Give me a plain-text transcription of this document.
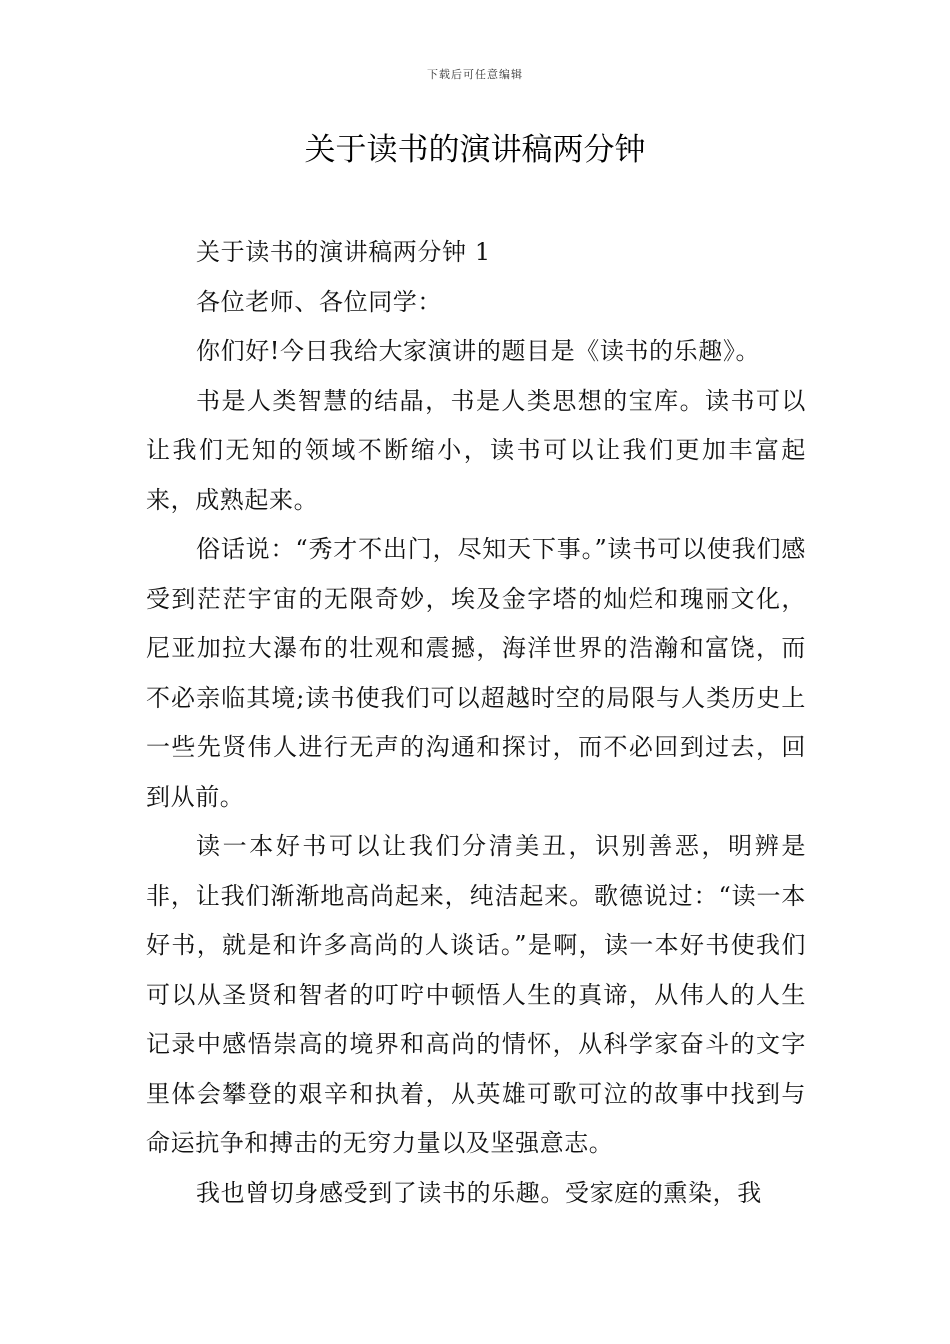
下载后可任意编辑
关于读书的演讲稿两分钟

关于读书的演讲稿两分钟 1

各位老师、各位同学：

你们好!今日我给大家演讲的题目是《读书的乐趣》。

书是人类智慧的结晶，书是人类思想的宝库。读书可以让我们无知的领域不断缩小，读书可以让我们更加丰富起来，成熟起来。

俗话说：“秀才不出门，尽知天下事。”读书可以使我们感受到茫茫宇宙的无限奇妙，埃及金字塔的灿烂和瑰丽文化，尼亚加拉大瀑布的壮观和震撼，海洋世界的浩瀚和富饶，而不必亲临其境;读书使我们可以超越时空的局限与人类历史上一些先贤伟人进行无声的沟通和探讨，而不必回到过去，回到从前。

读一本好书可以让我们分清美丑，识别善恶，明辨是非，让我们渐渐地高尚起来，纯洁起来。歌德说过：“读一本好书，就是和许多高尚的人谈话。”是啊，读一本好书使我们可以从圣贤和智者的叮咛中顿悟人生的真谛，从伟人的人生记录中感悟崇高的境界和高尚的情怀，从科学家奋斗的文字里体会攀登的艰辛和执着，从英雄可歌可泣的故事中找到与命运抗争和搏击的无穷力量以及坚强意志。

我也曾切身感受到了读书的乐趣。受家庭的熏染，我
